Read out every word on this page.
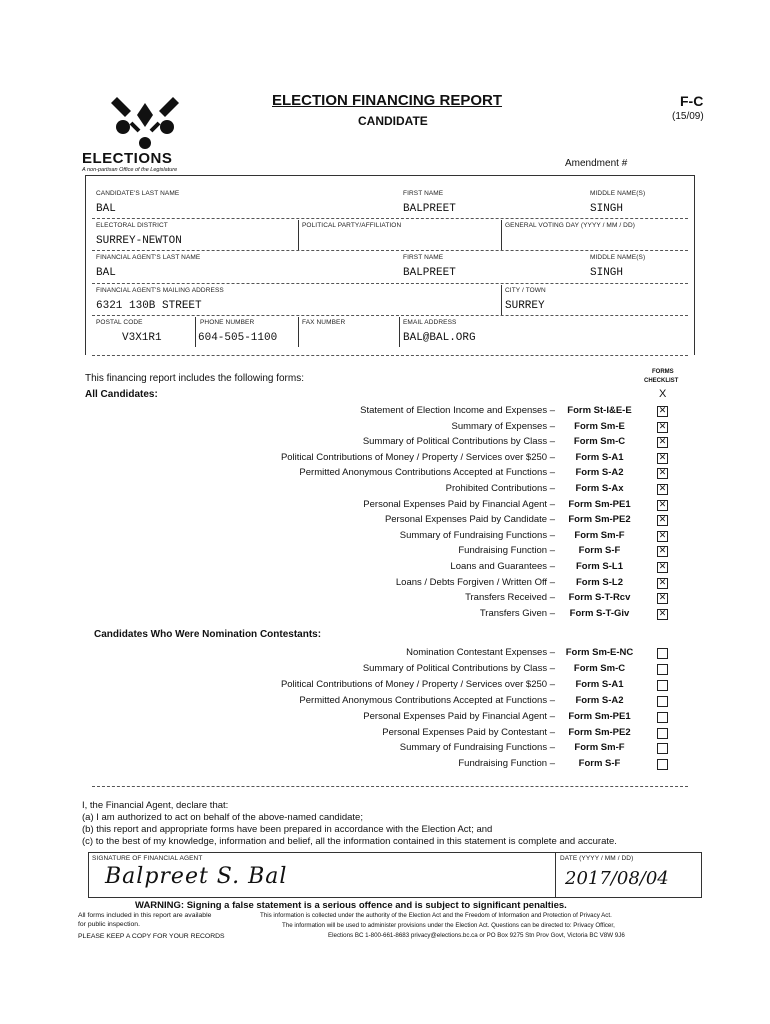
ELECTIONS
A non-partisan Office of the Legislature
ELECTION FINANCING REPORT
CANDIDATE
F-C
(15/09)
Amendment #
CANDIDATE'S LAST NAME
BAL
FIRST NAME
BALPREET
MIDDLE NAME(S)
SINGH
ELECTORAL DISTRICT
SURREY-NEWTON
POLITICAL PARTY/AFFILIATION	GENERAL VOTING DAY (YYYY / MM / DD)
FINANCIAL AGENT'S LAST NAME
BAL
FIRST NAME
BALPREET
MIDDLE NAME(S)
SINGH
FINANCIAL AGENT'S MAILING ADDRESS
6321 130B STREET
CITY / TOWN
SURREY
POSTAL CODE
V3X1R1
PHONE NUMBER
604-505-1100
FAX NUMBER	EMAIL ADDRESS
BAL@BAL.ORG
This financing report includes the following forms:
FORMS
CHECKLIST
X
All Candidates:
Statement of Election Income and Expenses –	Form St-I&E-E	✕
Summary of Expenses –	Form Sm-E	✕
Summary of Political Contributions by Class –	Form Sm-C	✕
Political Contributions of Money / Property / Services over $250 –	Form S-A1	✕
Permitted Anonymous Contributions Accepted at Functions –	Form S-A2	✕
Prohibited Contributions –	Form S-Ax	✕
Personal Expenses Paid by Financial Agent –	Form Sm-PE1	✕
Personal Expenses Paid by Candidate –	Form Sm-PE2	✕
Summary of Fundraising Functions –	Form Sm-F	✕
Fundraising Function –	Form S-F	✕
Loans and Guarantees –	Form S-L1	✕
Loans / Debts Forgiven / Written Off –	Form S-L2	✕
Transfers Received –	Form S-T-Rcv	✕
Transfers Given –	Form S-T-Giv	✕
Candidates Who Were Nomination Contestants:
Nomination Contestant Expenses –	Form Sm-E-NC
Summary of Political Contributions by Class –	Form Sm-C
Political Contributions of Money / Property / Services over $250 –	Form S-A1
Permitted Anonymous Contributions Accepted at Functions –	Form S-A2
Personal Expenses Paid by Financial Agent –	Form Sm-PE1
Personal Expenses Paid by Contestant –	Form Sm-PE2
Summary of Fundraising Functions –	Form Sm-F
Fundraising Function –	Form S-F
I, the Financial Agent, declare that:
(a) I am authorized to act on behalf of the above-named candidate;
(b) this report and appropriate forms have been prepared in accordance with the Election Act; and
(c) to the best of my knowledge, information and belief, all the information contained in this statement is complete and accurate.
SIGNATURE OF FINANCIAL AGENT
Balpreet S. Bal
DATE (YYYY / MM / DD)
2017/08/04
WARNING: Signing a false statement is a serious offence and is subject to significant penalties.
All forms included in this report are available
for public inspection.
PLEASE KEEP A COPY FOR YOUR RECORDS
This information is collected under the authority of the Election Act and the Freedom of Information and Protection of Privacy Act.
The information will be used to administer provisions under the Election Act. Questions can be directed to: Privacy Officer,
Elections BC 1-800-661-8683 privacy@elections.bc.ca or PO Box 9275 Stn Prov Govt, Victoria BC V8W 9J6
